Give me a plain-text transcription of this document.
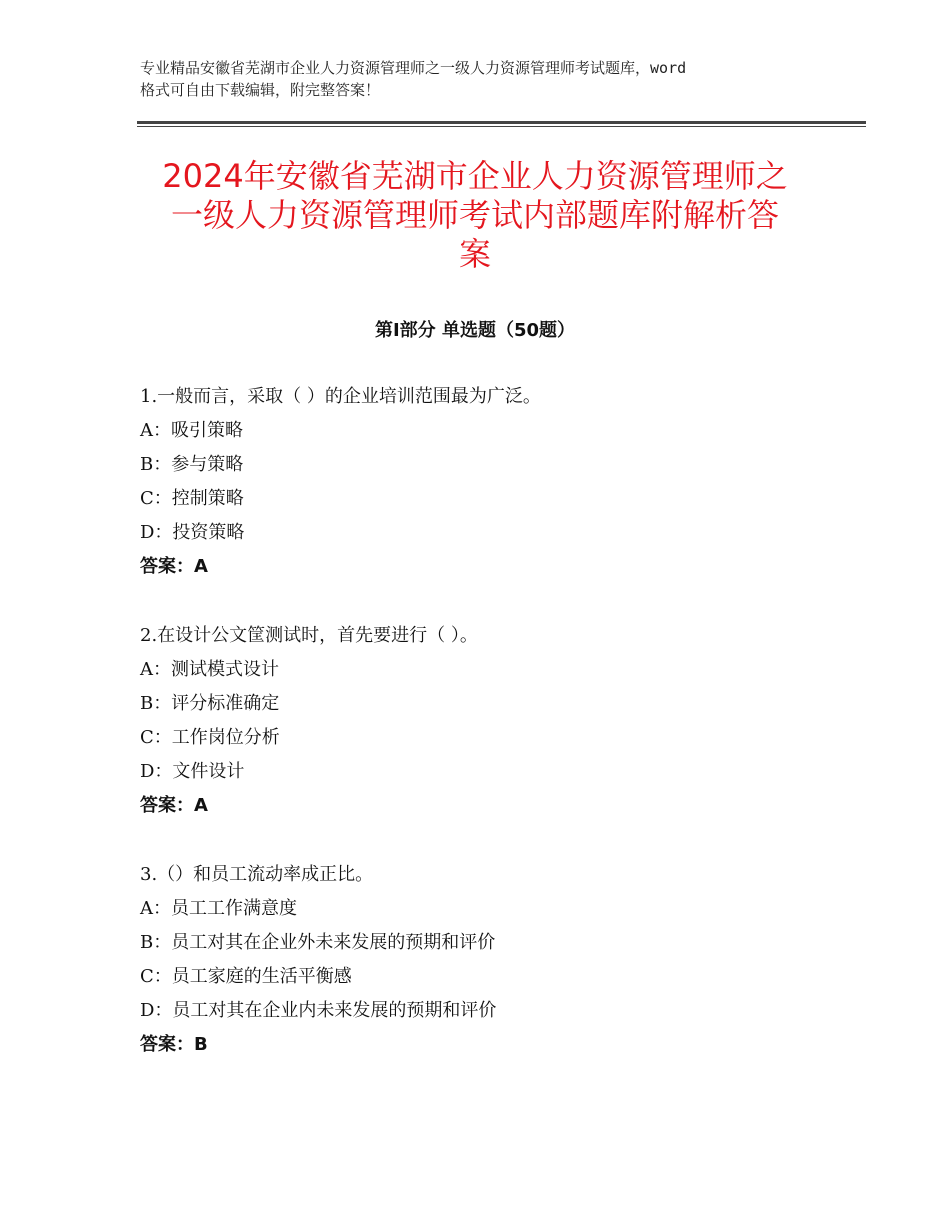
专业精品安徽省芜湖市企业人力资源管理师之一级人力资源管理师考试题库，word
格式可自由下载编辑，附完整答案！
2024年安徽省芜湖市企业人力资源管理师之
一级人力资源管理师考试内部题库附解析答
案
第Ⅰ部分 单选题（50题）
1.一般而言，采取（ ）的企业培训范围最为广泛。
A：吸引策略
B：参与策略
C：控制策略
D：投资策略
答案：A
2.在设计公文筐测试时，首先要进行（ ）。
A：测试模式设计
B：评分标准确定
C：工作岗位分析
D：文件设计
答案：A
3.（）和员工流动率成正比。
A：员工工作满意度
B：员工对其在企业外未来发展的预期和评价
C：员工家庭的生活平衡感
D：员工对其在企业内未来发展的预期和评价
答案：B
